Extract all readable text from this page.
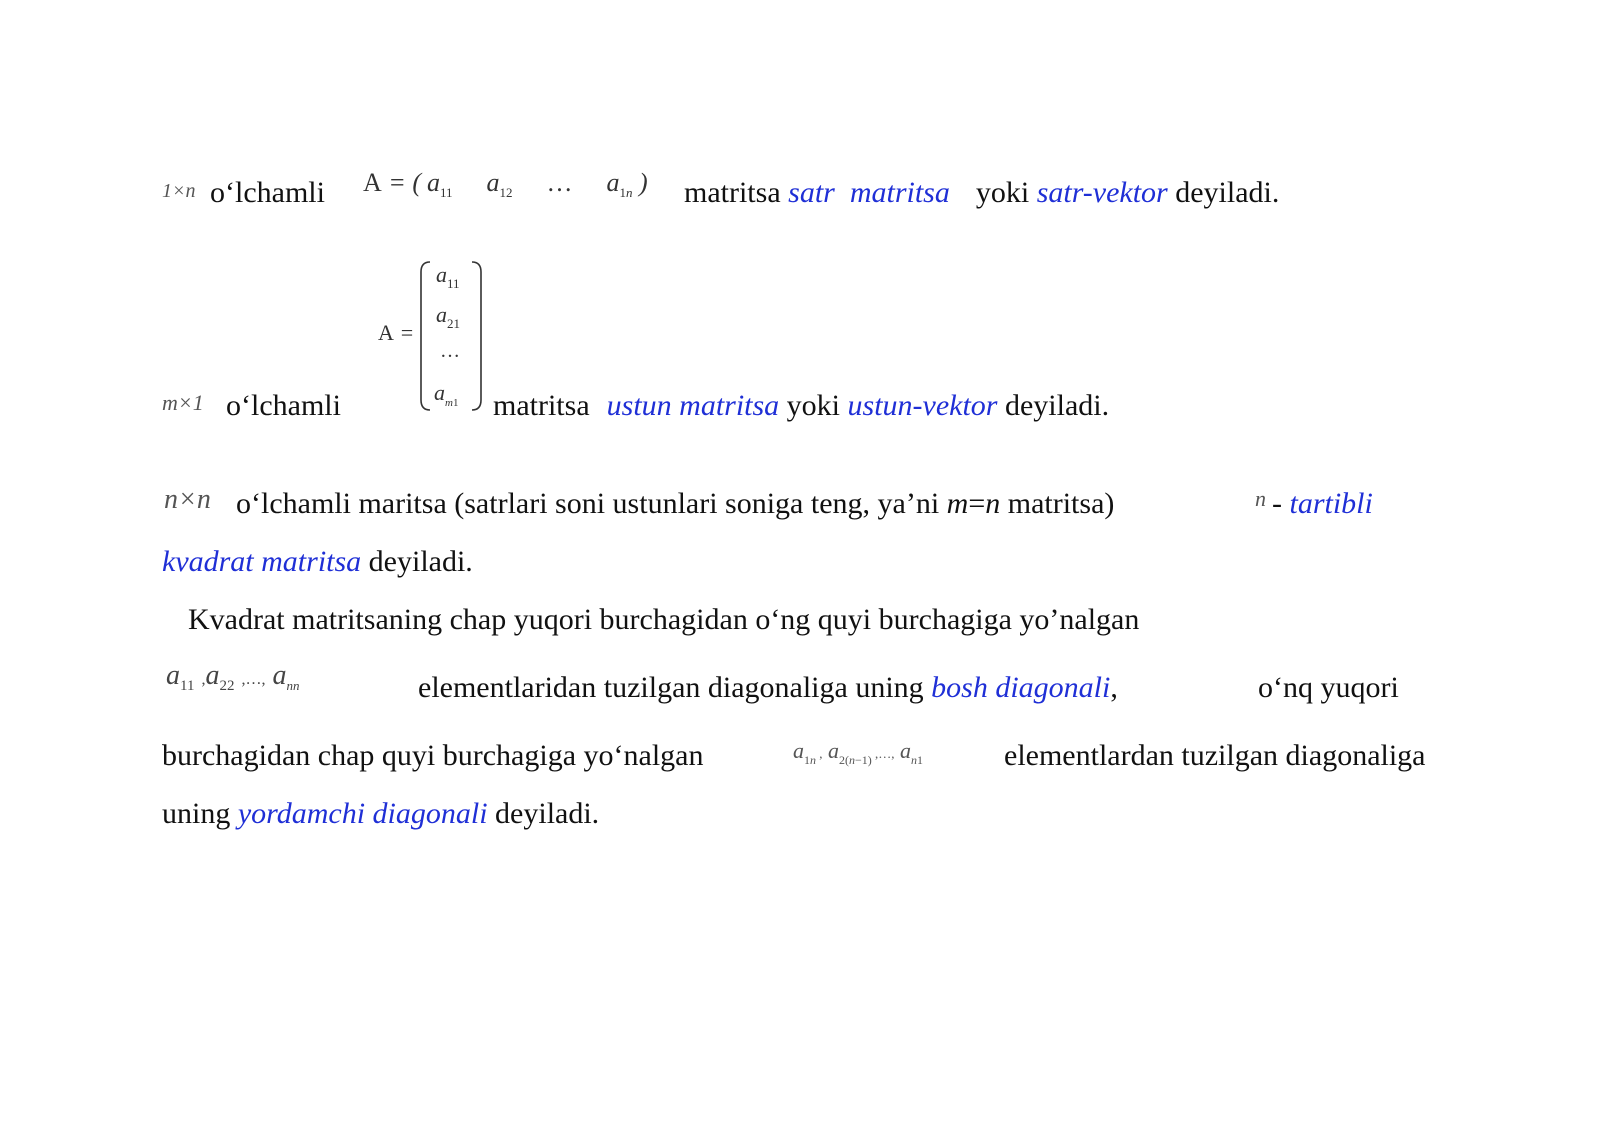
1×n o‘lchamli A = ( $a_{11}$ $a_{12}$ … $a_{1n}$ ) matritsa satr  matritsa yoki satr-vektor deyiladi.
m×1 o‘lchamli
A =
$a_{11}$
$a_{21}$
…
$a_{m1}$ matritsa ustun matritsa yoki ustun-vektor deyiladi.
n×n o‘lchamli maritsa (satrlari soni ustunlari soniga teng, ya’ni m=n matritsa)	n - tartibli
kvadrat matritsa deyiladi.
Kvadrat matritsaning chap yuqori burchagidan o‘ng quyi burchagiga yo’nalgan
$a_{11}$ $,a_{22}$ ,…, $a_{nn}$	elementlaridan tuzilgan diagonaliga uning bosh diagonali,	o‘nq yuqori
burchagidan chap quyi burchagiga yo‘nalgan	$a_{1n}$ , $a_{2(n-1)}$ ,…, $a_{n1}$	elementlardan tuzilgan diagonaliga
uning yordamchi diagonali deyiladi.
